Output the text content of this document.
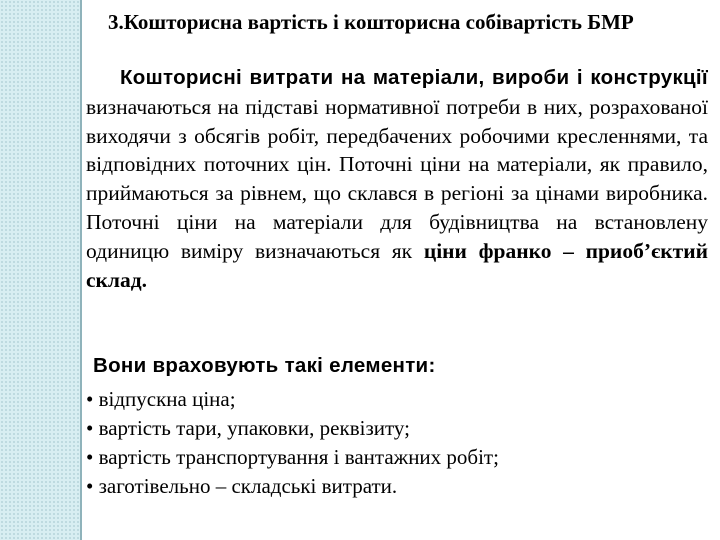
3.Кошторисна вартість і кошторисна собівартість БМР
Кошторисні витрати на матеріали, вироби і конструкції визначаються на підставі нормативної потреби в них, розрахованої виходячи з обсягів робіт, передбачених робочими кресленнями, та відповідних поточних цін. Поточні ціни на матеріали, як правило, приймаються за рівнем, що склався в регіоні за цінами виробника. Поточні ціни на матеріали для будівництва на встановлену одиницю виміру визначаються як ціни франко – приоб’єктий склад.
Вони враховують такі елементи:
• відпускна ціна;
• вартість тари, упаковки, реквізиту;
• вартість транспортування і вантажних робіт;
• заготівельно – складські витрати.
